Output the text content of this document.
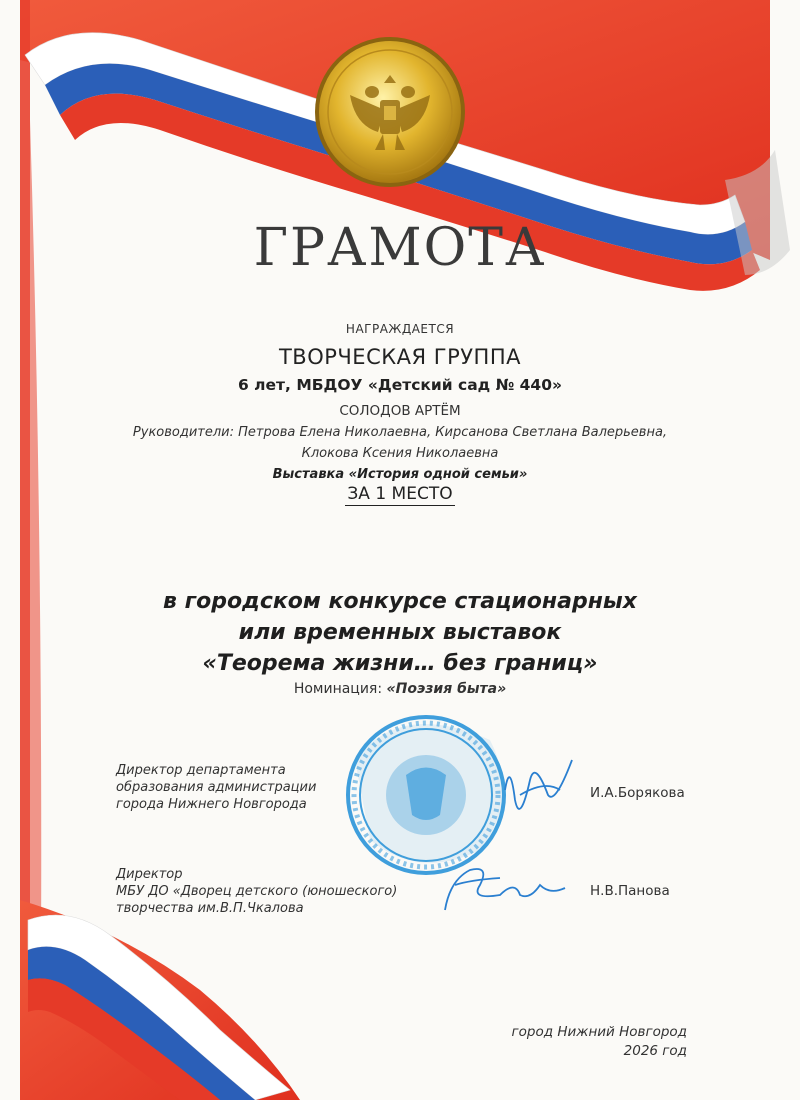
ГРАМОТА
НАГРАЖДАЕТСЯ
ТВОРЧЕСКАЯ ГРУППА
6 лет, МБДОУ «Детский сад № 440»
СОЛОДОВ АРТЁМ
Руководители: Петрова Елена Николаевна, Кирсанова Светлана Валерьевна,
Клокова Ксения Николаевна
Выставка «История одной семьи»
ЗА 1 МЕСТО
в городском конкурсе стационарных
или временных выставок
«Теорема жизни… без границ»
Номинация: «Поэзия быта»
Директор департамента
образования администрации
города Нижнего Новгорода
И.А.Борякова
Директор
МБУ ДО «Дворец детского (юношеского)
творчества им.В.П.Чкалова
Н.В.Панова
город Нижний Новгород
2026 год
